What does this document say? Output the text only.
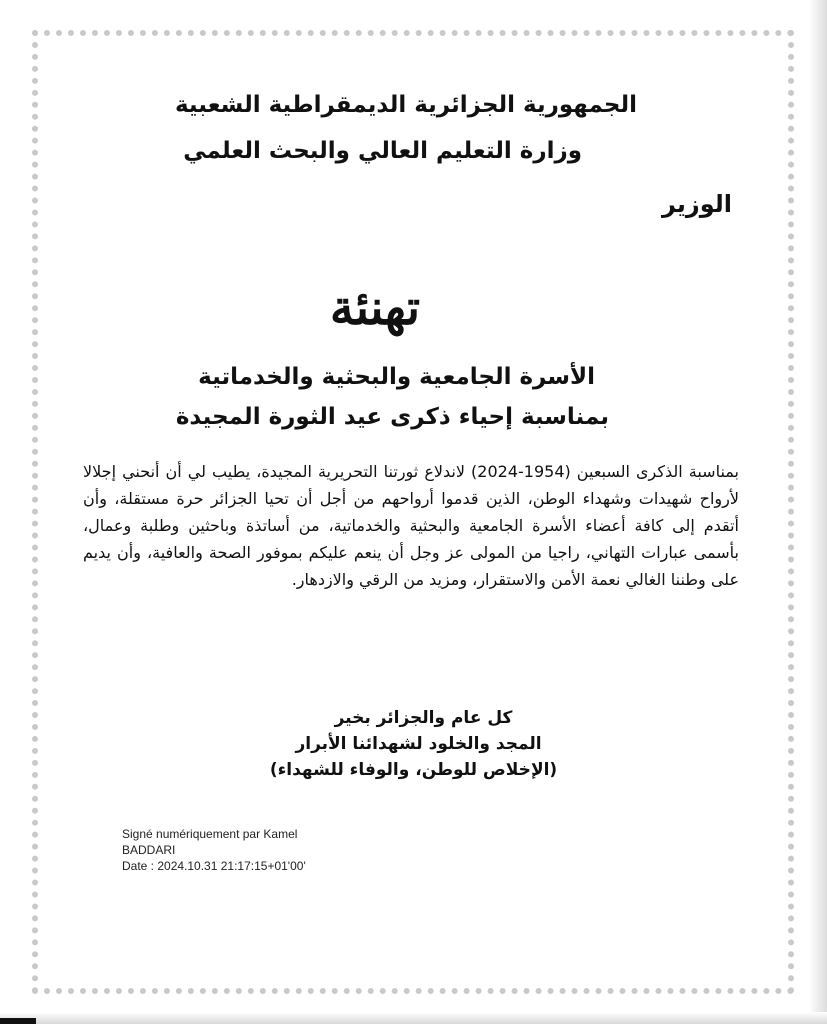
الجمهورية الجزائرية الديمقراطية الشعبية
وزارة التعليم العالي والبحث العلمي
الوزير
تهنئة
الأسرة الجامعية والبحثية والخدماتية
بمناسبة إحياء ذكرى عيد الثورة المجيدة
بمناسبة الذكرى السبعين (1954-2024) لاندلاع ثورتنا التحريرية المجيدة، يطيب لي أن أنحني إجلالا لأرواح شهيدات وشهداء الوطن، الذين قدموا أرواحهم من أجل أن تحيا الجزائر حرة مستقلة، وأن أتقدم إلى كافة أعضاء الأسرة الجامعية والبحثية والخدماتية، من أساتذة وباحثين وطلبة وعمال، بأسمى عبارات التهاني، راجيا من المولى عز وجل أن ينعم عليكم بموفور الصحة والعافية، وأن يديم على وطننا الغالي نعمة الأمن والاستقرار، ومزيد من الرقي والازدهار.
كل عام والجزائر بخير
المجد والخلود لشهدائنا الأبرار
(الإخلاص للوطن، والوفاء للشهداء)
Signé numériquement par Kamel
BADDARI
Date : 2024.10.31 21:17:15+01'00'
